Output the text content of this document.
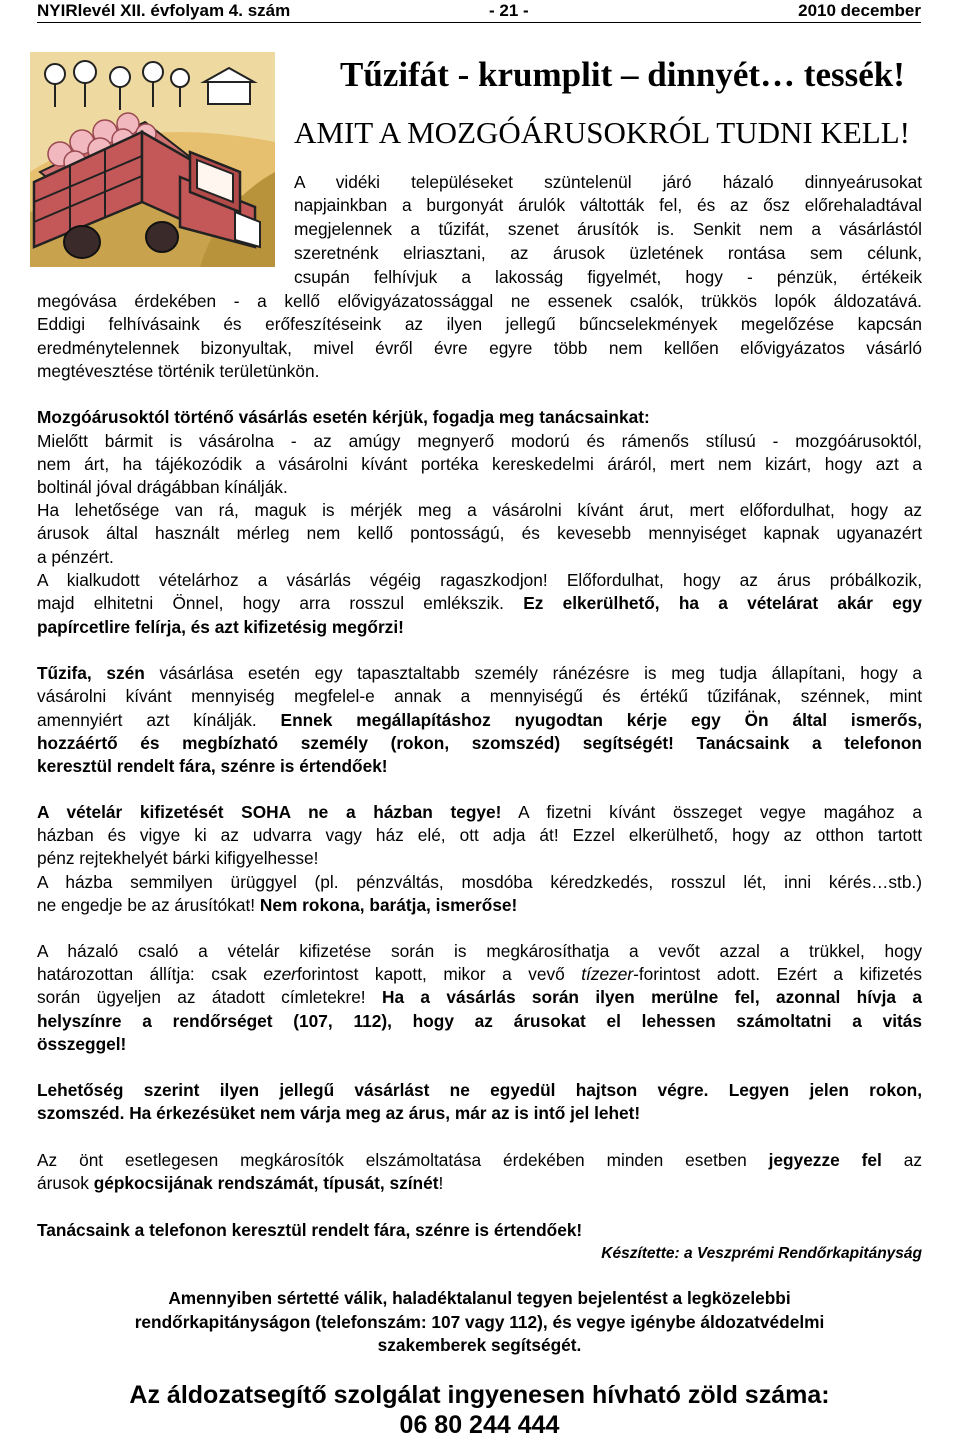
NYIRlevél XII. évfolyam 4. szám	- 21 -	2010 december
Tűzifát - krumplit – dinnyét… tessék!
AMIT A MOZGÓÁRUSOKRÓL TUDNI KELL!
A vidéki településeket szüntelenül járó házaló dinnyeárusokat
napjainkban a burgonyát árulók váltották fel, és az ősz előrehaladtával
megjelennek a tűzifát, szenet árusítók is. Senkit nem a vásárlástól
szeretnénk elriasztani, az árusok üzletének rontása sem célunk,
csupán felhívjuk a lakosság figyelmét, hogy - pénzük, értékeik
megóvása érdekében - a kellő elővigyázatossággal ne essenek csalók, trükkös lopók áldozatává.
Eddigi felhívásaink és erőfeszítéseink az ilyen jellegű bűncselekmények megelőzése kapcsán
eredménytelennek bizonyultak, mivel évről évre egyre több nem kellően elővigyázatos vásárló
megtévesztése történik területünkön.
Mozgóárusoktól történő vásárlás esetén kérjük, fogadja meg tanácsainkat:
Mielőtt bármit is vásárolna - az amúgy megnyerő modorú és rámenős stílusú - mozgóárusoktól,
nem árt, ha tájékozódik a vásárolni kívánt portéka kereskedelmi áráról, mert nem kizárt, hogy azt a
boltinál jóval drágábban kínálják.
Ha lehetősége van rá, maguk is mérjék meg a vásárolni kívánt árut, mert előfordulhat, hogy az
árusok által használt mérleg nem kellő pontosságú, és kevesebb mennyiséget kapnak ugyanazért
a pénzért.
A kialkudott vételárhoz a vásárlás végéig ragaszkodjon! Előfordulhat, hogy az árus próbálkozik,
majd elhitetni Önnel, hogy arra rosszul emlékszik. Ez elkerülhető, ha a vételárat akár egy
papírcetlire felírja, és azt kifizetésig megőrzi!
Tűzifa, szén vásárlása esetén egy tapasztaltabb személy ránézésre is meg tudja állapítani, hogy a
vásárolni kívánt mennyiség megfelel-e annak a mennyiségű és értékű tűzifának, szénnek, mint
amennyiért azt kínálják. Ennek megállapításhoz nyugodtan kérje egy Ön által ismerős,
hozzáértő és megbízható személy (rokon, szomszéd) segítségét! Tanácsaink a telefonon
keresztül rendelt fára, szénre is értendőek!
A vételár kifizetését SOHA ne a házban tegye! A fizetni kívánt összeget vegye magához a
házban és vigye ki az udvarra vagy ház elé, ott adja át! Ezzel elkerülhető, hogy az otthon tartott
pénz rejtekhelyét bárki kifigyelhesse!
A házba semmilyen ürüggyel (pl. pénzváltás, mosdóba kéredzkedés, rosszul lét, inni kérés…stb.)
ne engedje be az árusítókat! Nem rokona, barátja, ismerőse!
A házaló csaló a vételár kifizetése során is megkárosíthatja a vevőt azzal a trükkel, hogy
határozottan állítja: csak ezerforintost kapott, mikor a vevő tízezer-forintost adott. Ezért a kifizetés
során ügyeljen az átadott címletekre! Ha a vásárlás során ilyen merülne fel, azonnal hívja a
helyszínre a rendőrséget (107, 112), hogy az árusokat el lehessen számoltatni a vitás
összeggel!
Lehetőség szerint ilyen jellegű vásárlást ne egyedül hajtson végre. Legyen jelen rokon,
szomszéd. Ha érkezésüket nem várja meg az árus, már az is intő jel lehet!
Az önt esetlegesen megkárosítók elszámoltatása érdekében minden esetben jegyezze fel az
árusok gépkocsijának rendszámát, típusát, színét!
Tanácsaink a telefonon keresztül rendelt fára, szénre is értendőek!
Készítette: a Veszprémi Rendőrkapitányság
Amennyiben sértetté válik, haladéktalanul tegyen bejelentést a legközelebbi
rendőrkapitányságon (telefonszám: 107 vagy 112), és vegye igénybe áldozatvédelmi
szakemberek segítségét.
Az áldozatsegítő szolgálat ingyenesen hívható zöld száma:
06 80 244 444
